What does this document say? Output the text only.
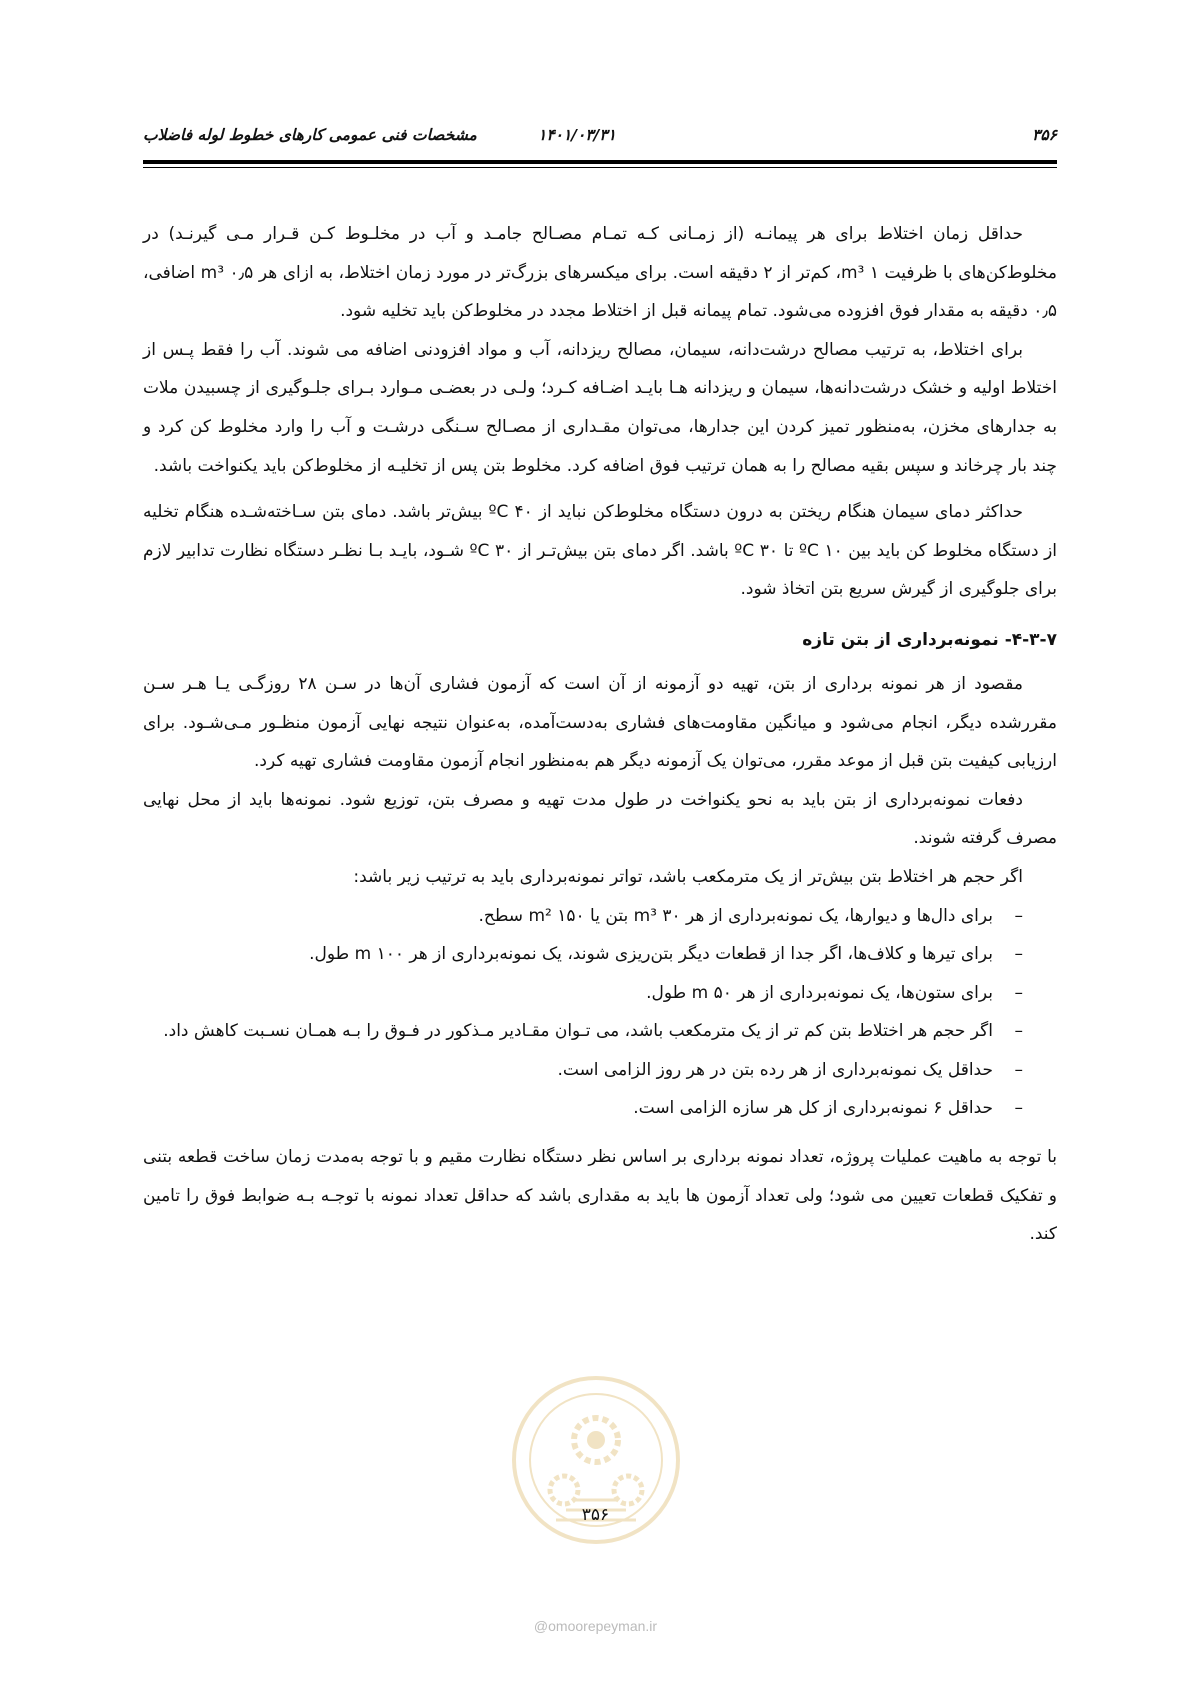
۳۵۶
۱۴۰۱/۰۳/۳۱
مشخصات فنی عمومی کارهای خطوط لوله فاضلاب

حداقل زمان اختلاط برای هر پیمانـه (از زمـانی کـه تمـام مصـالح جامـد و آب در مخلـوط کـن قـرار مـی گیرنـد) در مخلوط‌کن‌های با ظرفیت ۱ m³، کم‌تر از ۲ دقیقه است. برای میکسرهای بزرگ‌تر در مورد زمان اختلاط، به ازای هر ۰٫۵ m³ اضافی، ۰٫۵ دقیقه به مقدار فوق افزوده می‌شود. تمام پیمانه قبل از اختلاط مجدد در مخلوط‌کن باید تخلیه شود.

برای اختلاط، به ترتیب مصالح درشت‌دانه، سیمان، مصالح ریزدانه، آب و مواد افزودنی اضافه می شوند. آب را فقط پـس از اختلاط اولیه و خشک درشت‌دانه‌ها، سیمان و ریزدانه هـا بایـد اضـافه کـرد؛ ولـی در بعضـی مـوارد بـرای جلـوگیری از چسبیدن ملات به جدارهای مخزن، به‌منظور تمیز کردن این جدارها، می‌توان مقـداری از مصـالح سـنگی درشـت و آب را وارد مخلوط کن کرد و چند بار چرخاند و سپس بقیه مصالح را به همان ترتیب فوق اضافه کرد. مخلوط بتن پس از تخلیـه از مخلوط‌کن باید یکنواخت باشد.

حداکثر دمای سیمان هنگام ریختن به درون دستگاه مخلوط‌کن نباید از ۴۰ ºC بیش‌تر باشد. دمای بتن سـاخته‌شـده هنگام تخلیه از دستگاه مخلوط کن باید بین ۱۰ ºC تا ۳۰ ºC باشد. اگر دمای بتن بیش‌تـر از ۳۰ ºC شـود، بایـد بـا نظـر دستگاه نظارت تدابیر لازم برای جلوگیری از گیرش سریع بتن اتخاذ شود.

۴-۳-۷- نمونه‌برداری از بتن تازه

مقصود از هر نمونه برداری از بتن، تهیه دو آزمونه از آن است که آزمون فشاری آن‌ها در سـن ۲۸ روزگـی یـا هـر سـن مقررشده دیگر، انجام می‌شود و میانگین مقاومت‌های فشاری به‌دست‌آمده، به‌عنوان نتیجه نهایی آزمون منظـور مـی‌شـود. برای ارزیابی کیفیت بتن قبل از موعد مقرر، می‌توان یک آزمونه دیگر هم به‌منظور انجام آزمون مقاومت فشاری تهیه کرد.

دفعات نمونه‌برداری از بتن باید به نحو یکنواخت در طول مدت تهیه و مصرف بتن، توزیع شود. نمونه‌ها باید از محل نهایی مصرف گرفته شوند.

اگر حجم هر اختلاط بتن بیش‌تر از یک مترمکعب باشد، تواتر نمونه‌برداری باید به ترتیب زیر باشد:

–
برای دال‌ها و دیوارها، یک نمونه‌برداری از هر ۳۰ m³ بتن یا ۱۵۰ m² سطح.
–
برای تیرها و کلاف‌ها، اگر جدا از قطعات دیگر بتن‌ریزی شوند، یک نمونه‌برداری از هر ۱۰۰ m طول.
–
برای ستون‌ها، یک نمونه‌برداری از هر ۵۰ m طول.
–
اگر حجم هر اختلاط بتن کم تر از یک مترمکعب باشد، می تـوان مقـادیر مـذکور در فـوق را بـه همـان نسـبت کاهش داد.
–
حداقل یک نمونه‌برداری از هر رده بتن در هر روز الزامی است.
–
حداقل ۶ نمونه‌برداری از کل هر سازه الزامی است.

با توجه به ماهیت عملیات پروژه، تعداد نمونه برداری بر اساس نظر دستگاه نظارت مقیم و با توجه به‌مدت زمان ساخت قطعه بتنی و تفکیک قطعات تعیین می شود؛ ولی تعداد آزمون ها باید به مقداری باشد که حداقل تعداد نمونه با توجـه بـه ضوابط فوق را تامین کند.

۳۵۶
@omoorepeyman.ir
